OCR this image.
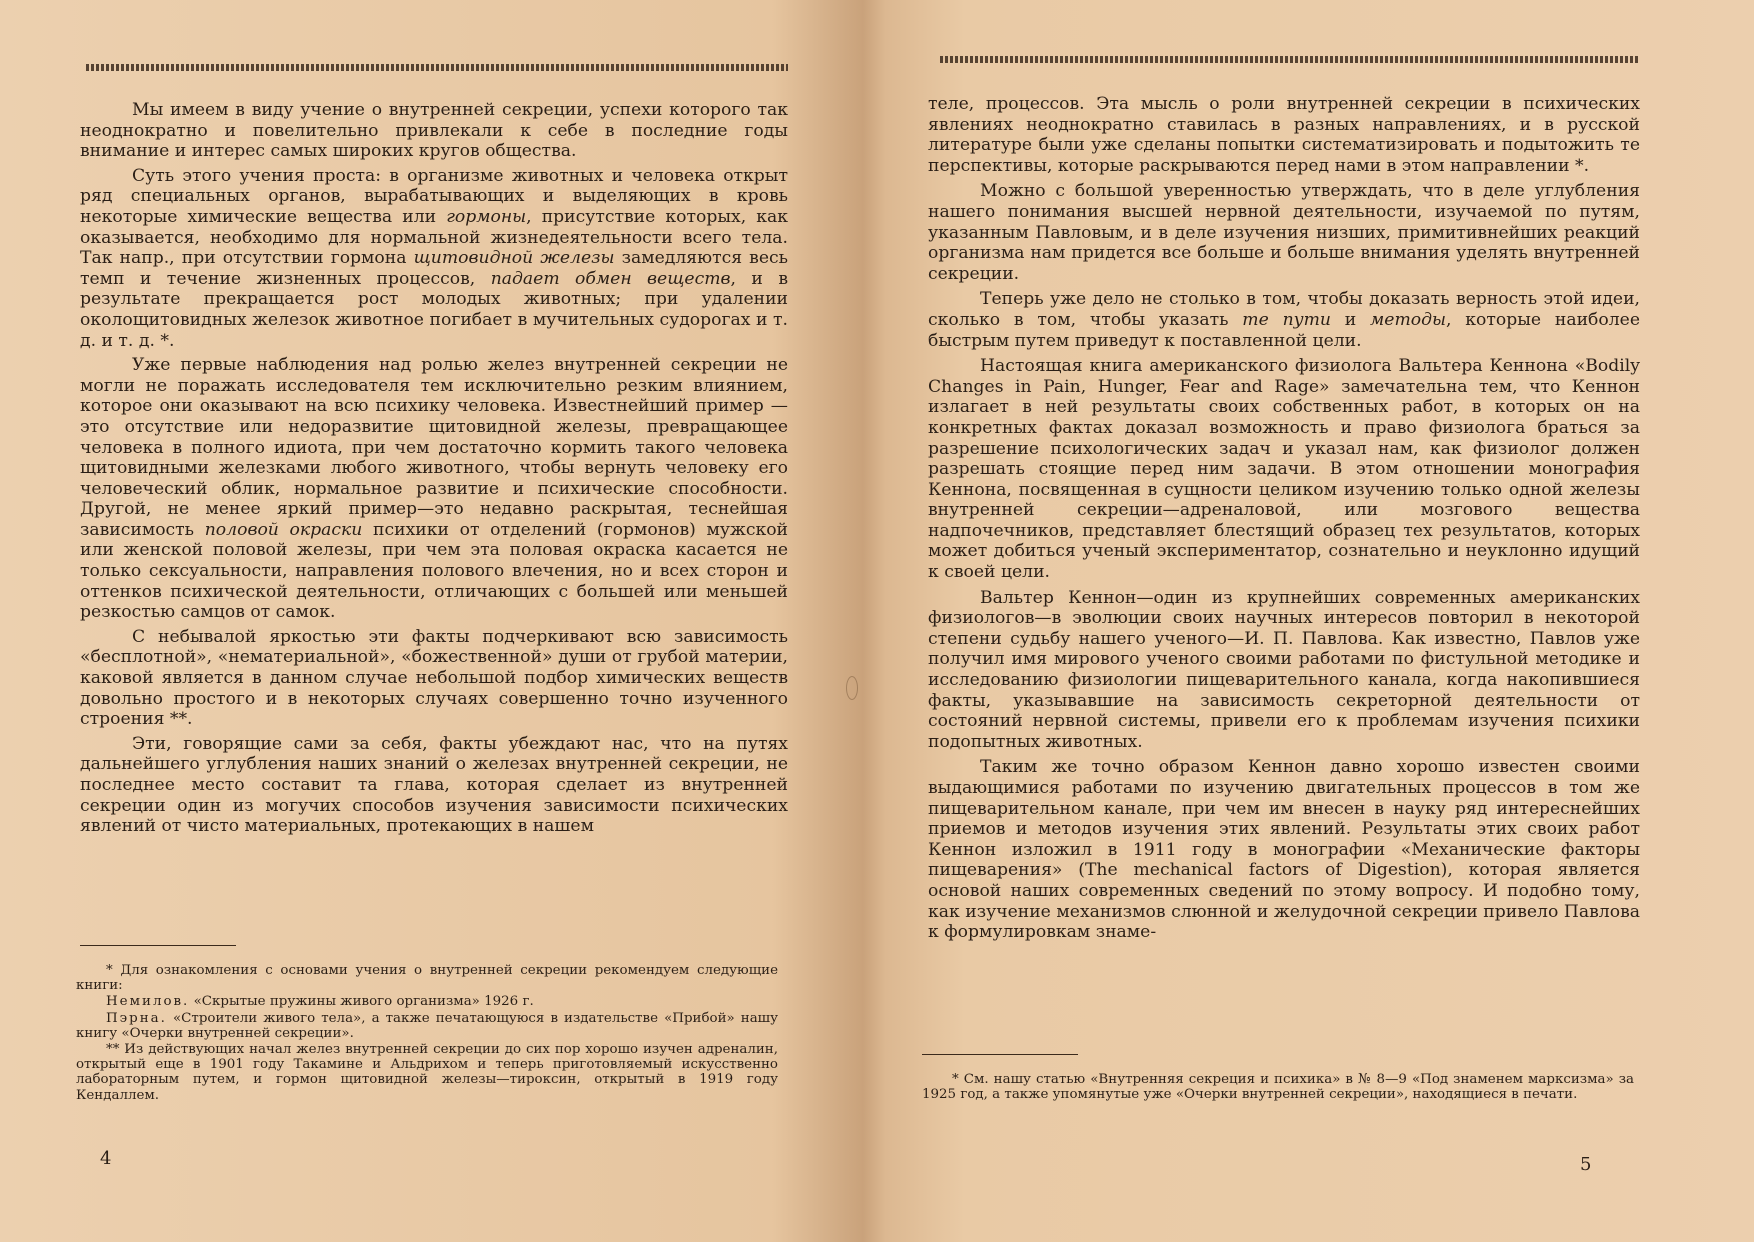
Мы имеем в виду учение о внутренней секреции, успехи которого так неоднократно и повелительно привлекали к себе в последние годы внимание и интерес самых широких кругов общества.

Суть этого учения проста: в организме животных и человека открыт ряд специальных органов, вырабатывающих и выделяющих в кровь некоторые химические вещества или гормоны, присутствие которых, как оказывается, необходимо для нормальной жизнедеятельности всего тела. Так напр., при отсутствии гормона щитовидной железы замедляются весь темп и течение жизненных процессов, падает обмен веществ, и в результате прекращается рост молодых животных; при удалении околощитовидных железок животное погибает в мучительных судорогах и т. д. и т. д. *.

Уже первые наблюдения над ролью желез внутренней секреции не могли не поражать исследователя тем исключительно резким влиянием, которое они оказывают на всю психику человека. Известнейший пример — это отсутствие или недоразвитие щитовидной железы, превращающее человека в полного идиота, при чем достаточно кормить такого человека щитовидными железками любого животного, чтобы вернуть человеку его человеческий облик, нормальное развитие и психические способности. Другой, не менее яркий пример—это недавно раскрытая, теснейшая зависимость половой окраски психики от отделений (гормонов) мужской или женской половой железы, при чем эта половая окраска касается не только сексуальности, направления полового влечения, но и всех сторон и оттенков психической деятельности, отличающих с большей или меньшей резкостью самцов от самок.

С небывалой яркостью эти факты подчеркивают всю зависимость «бесплотной», «нематериальной», «божественной» души от грубой материи, каковой является в данном случае небольшой подбор химических веществ довольно простого и в некоторых случаях совершенно точно изученного строения **.

Эти, говорящие сами за себя, факты убеждают нас, что на путях дальнейшего углубления наших знаний о железах внутренней секреции, не последнее место составит та глава, которая сделает из внутренней секреции один из могучих способов изучения зависимости психических явлений от чисто материальных, протекающих в нашем

* Для ознакомления с основами учения о внутренней секреции рекомендуем следующие книги:

Немилов. «Скрытые пружины живого организма» 1926 г.

Пэрна. «Строители живого тела», а также печатающуюся в издательстве «Прибой» нашу книгу «Очерки внутренней секреции».

** Из действующих начал желез внутренней секреции до сих пор хорошо изучен адреналин, открытый еще в 1901 году Такамине и Альдрихом и теперь приготовляемый искусственно лабораторным путем, и гормон щитовидной железы—тироксин, открытый в 1919 году Кендаллем.

4

теле, процессов. Эта мысль о роли внутренней секреции в психических явлениях неоднократно ставилась в разных направлениях, и в русской литературе были уже сделаны попытки систематизировать и подытожить те перспективы, которые раскрываются перед нами в этом направлении *.

Можно с большой уверенностью утверждать, что в деле углубления нашего понимания высшей нервной деятельности, изучаемой по путям, указанным Павловым, и в деле изучения низших, примитивнейших реакций организма нам придется все больше и больше внимания уделять внутренней секреции.

Теперь уже дело не столько в том, чтобы доказать верность этой идеи, сколько в том, чтобы указать те пути и методы, которые наиболее быстрым путем приведут к поставленной цели.

Настоящая книга американского физиолога Вальтера Кеннона «Bodily Changes in Pain, Hunger, Fear and Rage» замечательна тем, что Кеннон излагает в ней результаты своих собственных работ, в которых он на конкретных фактах доказал возможность и право физиолога браться за разрешение психологических задач и указал нам, как физиолог должен разрешать стоящие перед ним задачи. В этом отношении монография Кеннона, посвященная в сущности целиком изучению только одной железы внутренней секреции—адреналовой, или мозгового вещества надпочечников, представляет блестящий образец тех результатов, которых может добиться ученый экспериментатор, сознательно и неуклонно идущий к своей цели.

Вальтер Кеннон—один из крупнейших современных американских физиологов—в эволюции своих научных интересов повторил в некоторой степени судьбу нашего ученого—И. П. Павлова. Как известно, Павлов уже получил имя мирового ученого своими работами по фистульной методике и исследованию физиологии пищеварительного канала, когда накопившиеся факты, указывавшие на зависимость секреторной деятельности от состояний нервной системы, привели его к проблемам изучения психики подопытных животных.

Таким же точно образом Кеннон давно хорошо известен своими выдающимися работами по изучению двигательных процессов в том же пищеварительном канале, при чем им внесен в науку ряд интереснейших приемов и методов изучения этих явлений. Результаты этих своих работ Кеннон изложил в 1911 году в монографии «Механические факторы пищеварения» (The mechanical factors of Digestion), которая является основой наших современных сведений по этому вопросу. И подобно тому, как изучение механизмов слюнной и желудочной секреции привело Павлова к формулировкам знаме-

* См. нашу статью «Внутренняя секреция и психика» в № 8—9 «Под знаменем марксизма» за 1925 год, а также упомянутые уже «Очерки внутренней секреции», находящиеся в печати.

5
